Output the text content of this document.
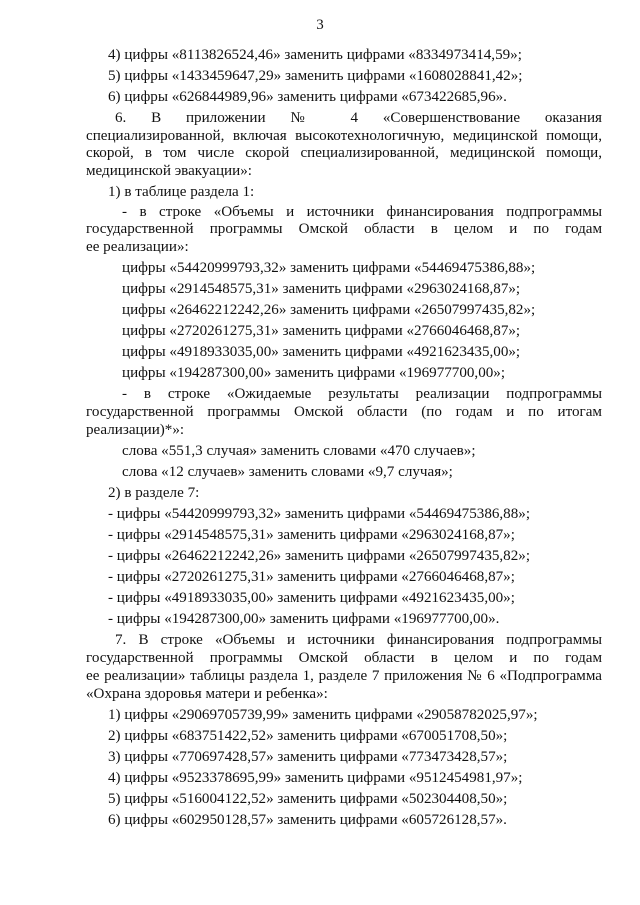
3
4) цифры «8113826524,46» заменить цифрами «8334973414,59»;
5) цифры «1433459647,29» заменить цифрами «1608028841,42»;
6) цифры «626844989,96» заменить цифрами «673422685,96».
6. В приложении № 4 «Совершенствование оказания
специализированной, включая высокотехнологичную, медицинской помощи,
скорой, в том числе скорой специализированной, медицинской помощи,
медицинской эвакуации»:
1) в таблице раздела 1:
- в строке «Объемы и источники финансирования подпрограммы
государственной программы Омской области в целом и по годам
ее реализации»:
цифры «54420999793,32» заменить цифрами «54469475386,88»;
цифры «2914548575,31» заменить цифрами «2963024168,87»;
цифры «26462212242,26» заменить цифрами «26507997435,82»;
цифры «2720261275,31» заменить цифрами «2766046468,87»;
цифры «4918933035,00» заменить цифрами «4921623435,00»;
цифры «194287300,00» заменить цифрами «196977700,00»;
- в строке «Ожидаемые результаты реализации подпрограммы
государственной программы Омской области (по годам и по итогам
реализации)*»:
слова «551,3 случая» заменить словами «470 случаев»;
слова «12 случаев» заменить словами «9,7 случая»;
2) в разделе 7:
- цифры «54420999793,32» заменить цифрами «54469475386,88»;
- цифры «2914548575,31» заменить цифрами «2963024168,87»;
- цифры «26462212242,26» заменить цифрами «26507997435,82»;
- цифры «2720261275,31» заменить цифрами «2766046468,87»;
- цифры «4918933035,00» заменить цифрами «4921623435,00»;
- цифры «194287300,00» заменить цифрами «196977700,00».
7. В строке «Объемы и источники финансирования подпрограммы
государственной программы Омской области в целом и по годам
ее реализации» таблицы раздела 1, разделе 7 приложения № 6 «Подпрограмма
«Охрана здоровья матери и ребенка»:
1) цифры «29069705739,99» заменить цифрами «29058782025,97»;
2) цифры «683751422,52» заменить цифрами «670051708,50»;
3) цифры «770697428,57» заменить цифрами «773473428,57»;
4) цифры «9523378695,99» заменить цифрами «9512454981,97»;
5) цифры «516004122,52» заменить цифрами «502304408,50»;
6) цифры «602950128,57» заменить цифрами «605726128,57».
